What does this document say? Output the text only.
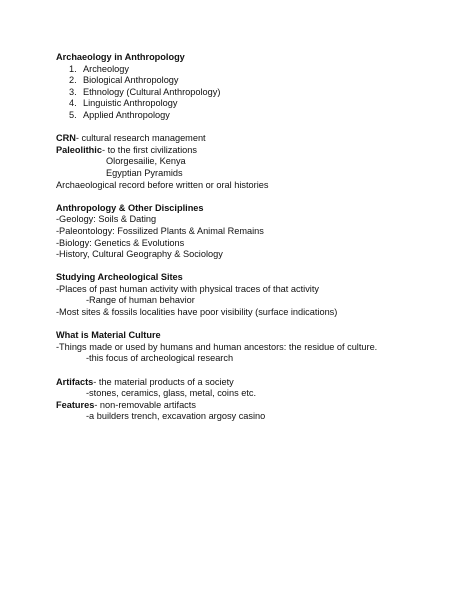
Archaeology in Anthropology
1. Archeology
2. Biological Anthropology
3. Ethnology (Cultural Anthropology)
4. Linguistic Anthropology
5. Applied Anthropology
CRN- cultural research management
Paleolithic- to the first civilizations
Olorgesailie, Kenya
Egyptian Pyramids
Archaeological record before written or oral histories
Anthropology & Other Disciplines
-Geology: Soils & Dating
-Paleontology: Fossilized Plants & Animal Remains
-Biology: Genetics & Evolutions
-History, Cultural Geography & Sociology
Studying Archeological Sites
-Places of past human activity with physical traces of that activity
-Range of human behavior
-Most sites & fossils localities have poor visibility (surface indications)
What is Material Culture
-Things made or used by humans and human ancestors: the residue of culture.
-this focus of archeological research
Artifacts- the material products of a society
-stones, ceramics, glass, metal, coins etc.
Features- non-removable artifacts
-a builders trench, excavation argosy casino
